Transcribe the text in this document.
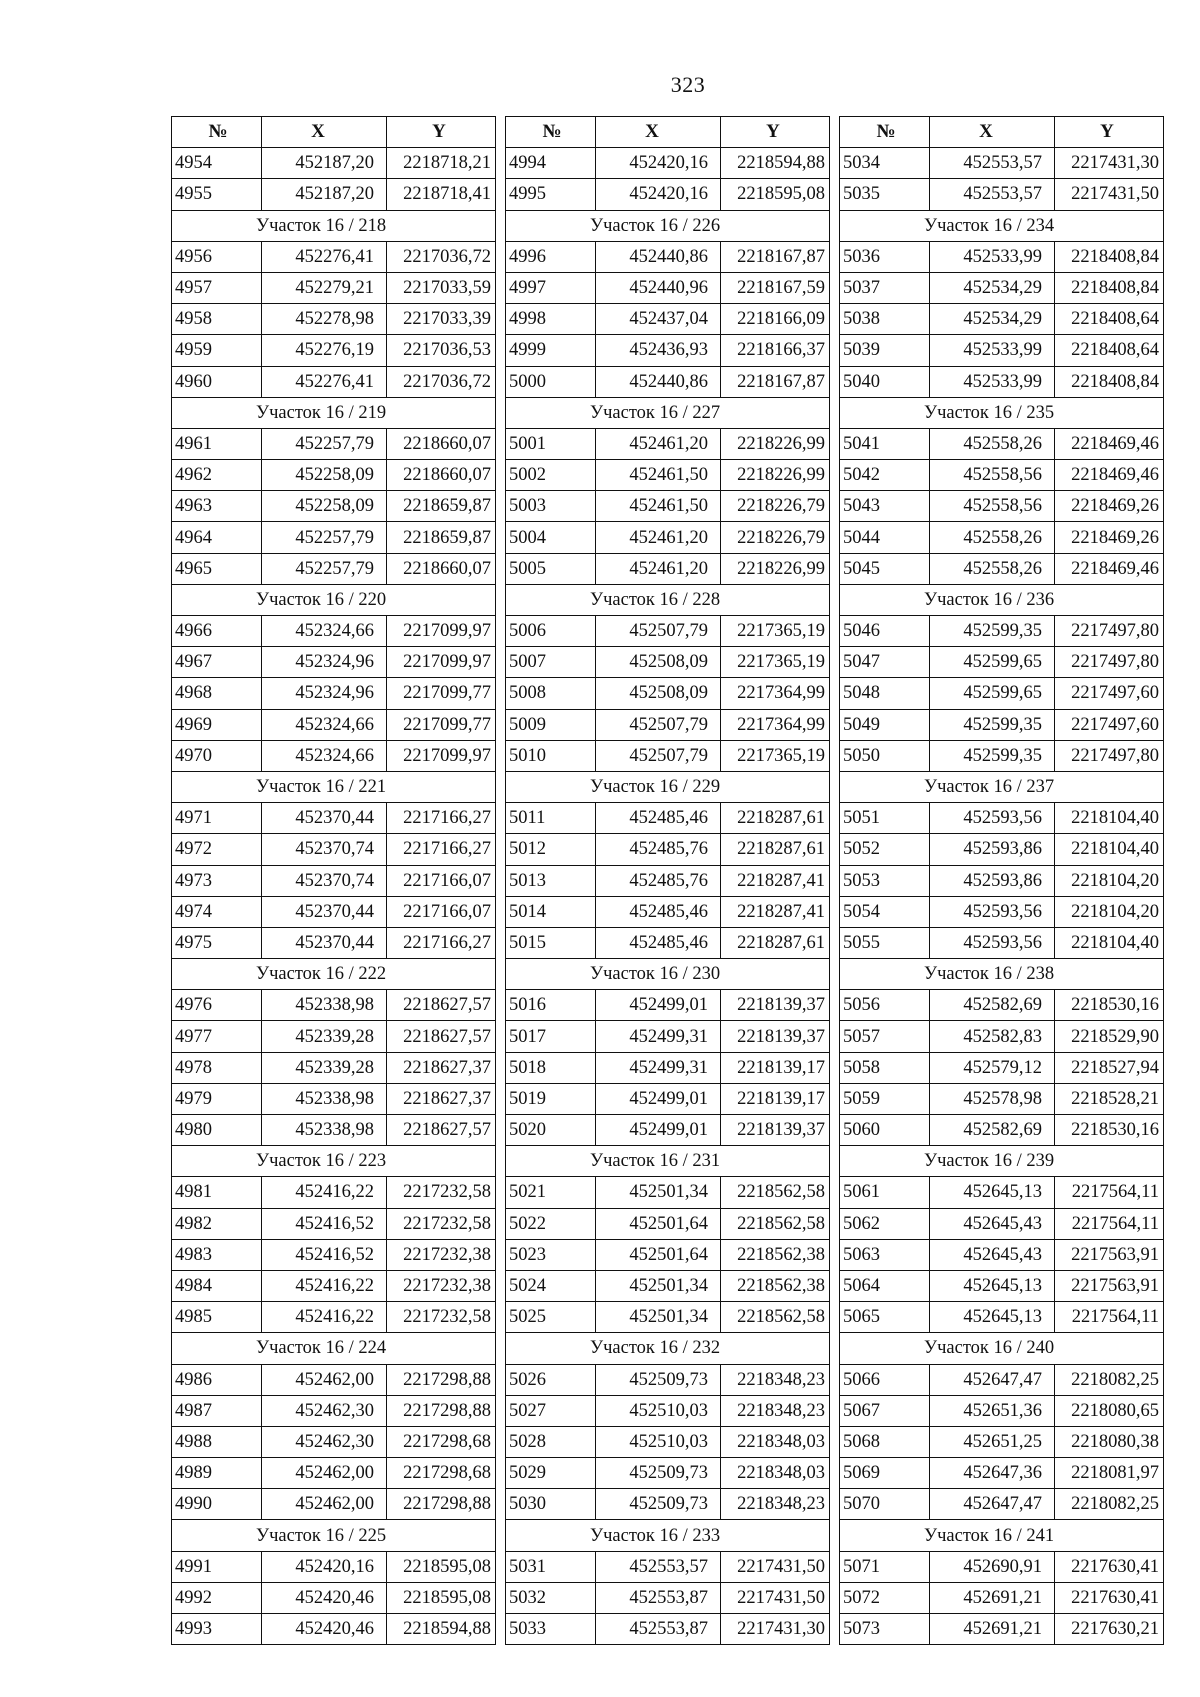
323
№	X	Y
4954	452187,20	2218718,21
4955	452187,20	2218718,41
Участок 16 / 218		
4956	452276,41	2217036,72
4957	452279,21	2217033,59
4958	452278,98	2217033,39
4959	452276,19	2217036,53
4960	452276,41	2217036,72
Участок 16 / 219		
4961	452257,79	2218660,07
4962	452258,09	2218660,07
4963	452258,09	2218659,87
4964	452257,79	2218659,87
4965	452257,79	2218660,07
Участок 16 / 220		
4966	452324,66	2217099,97
4967	452324,96	2217099,97
4968	452324,96	2217099,77
4969	452324,66	2217099,77
4970	452324,66	2217099,97
Участок 16 / 221		
4971	452370,44	2217166,27
4972	452370,74	2217166,27
4973	452370,74	2217166,07
4974	452370,44	2217166,07
4975	452370,44	2217166,27
Участок 16 / 222		
4976	452338,98	2218627,57
4977	452339,28	2218627,57
4978	452339,28	2218627,37
4979	452338,98	2218627,37
4980	452338,98	2218627,57
Участок 16 / 223		
4981	452416,22	2217232,58
4982	452416,52	2217232,58
4983	452416,52	2217232,38
4984	452416,22	2217232,38
4985	452416,22	2217232,58
Участок 16 / 224		
4986	452462,00	2217298,88
4987	452462,30	2217298,88
4988	452462,30	2217298,68
4989	452462,00	2217298,68
4990	452462,00	2217298,88
Участок 16 / 225		
4991	452420,16	2218595,08
4992	452420,46	2218595,08
4993	452420,46	2218594,88
№	X	Y
4994	452420,16	2218594,88
4995	452420,16	2218595,08
Участок 16 / 226		
4996	452440,86	2218167,87
4997	452440,96	2218167,59
4998	452437,04	2218166,09
4999	452436,93	2218166,37
5000	452440,86	2218167,87
Участок 16 / 227		
5001	452461,20	2218226,99
5002	452461,50	2218226,99
5003	452461,50	2218226,79
5004	452461,20	2218226,79
5005	452461,20	2218226,99
Участок 16 / 228		
5006	452507,79	2217365,19
5007	452508,09	2217365,19
5008	452508,09	2217364,99
5009	452507,79	2217364,99
5010	452507,79	2217365,19
Участок 16 / 229		
5011	452485,46	2218287,61
5012	452485,76	2218287,61
5013	452485,76	2218287,41
5014	452485,46	2218287,41
5015	452485,46	2218287,61
Участок 16 / 230		
5016	452499,01	2218139,37
5017	452499,31	2218139,37
5018	452499,31	2218139,17
5019	452499,01	2218139,17
5020	452499,01	2218139,37
Участок 16 / 231		
5021	452501,34	2218562,58
5022	452501,64	2218562,58
5023	452501,64	2218562,38
5024	452501,34	2218562,38
5025	452501,34	2218562,58
Участок 16 / 232		
5026	452509,73	2218348,23
5027	452510,03	2218348,23
5028	452510,03	2218348,03
5029	452509,73	2218348,03
5030	452509,73	2218348,23
Участок 16 / 233		
5031	452553,57	2217431,50
5032	452553,87	2217431,50
5033	452553,87	2217431,30
№	X	Y
5034	452553,57	2217431,30
5035	452553,57	2217431,50
Участок 16 / 234		
5036	452533,99	2218408,84
5037	452534,29	2218408,84
5038	452534,29	2218408,64
5039	452533,99	2218408,64
5040	452533,99	2218408,84
Участок 16 / 235		
5041	452558,26	2218469,46
5042	452558,56	2218469,46
5043	452558,56	2218469,26
5044	452558,26	2218469,26
5045	452558,26	2218469,46
Участок 16 / 236		
5046	452599,35	2217497,80
5047	452599,65	2217497,80
5048	452599,65	2217497,60
5049	452599,35	2217497,60
5050	452599,35	2217497,80
Участок 16 / 237		
5051	452593,56	2218104,40
5052	452593,86	2218104,40
5053	452593,86	2218104,20
5054	452593,56	2218104,20
5055	452593,56	2218104,40
Участок 16 / 238		
5056	452582,69	2218530,16
5057	452582,83	2218529,90
5058	452579,12	2218527,94
5059	452578,98	2218528,21
5060	452582,69	2218530,16
Участок 16 / 239		
5061	452645,13	2217564,11
5062	452645,43	2217564,11
5063	452645,43	2217563,91
5064	452645,13	2217563,91
5065	452645,13	2217564,11
Участок 16 / 240		
5066	452647,47	2218082,25
5067	452651,36	2218080,65
5068	452651,25	2218080,38
5069	452647,36	2218081,97
5070	452647,47	2218082,25
Участок 16 / 241		
5071	452690,91	2217630,41
5072	452691,21	2217630,41
5073	452691,21	2217630,21
